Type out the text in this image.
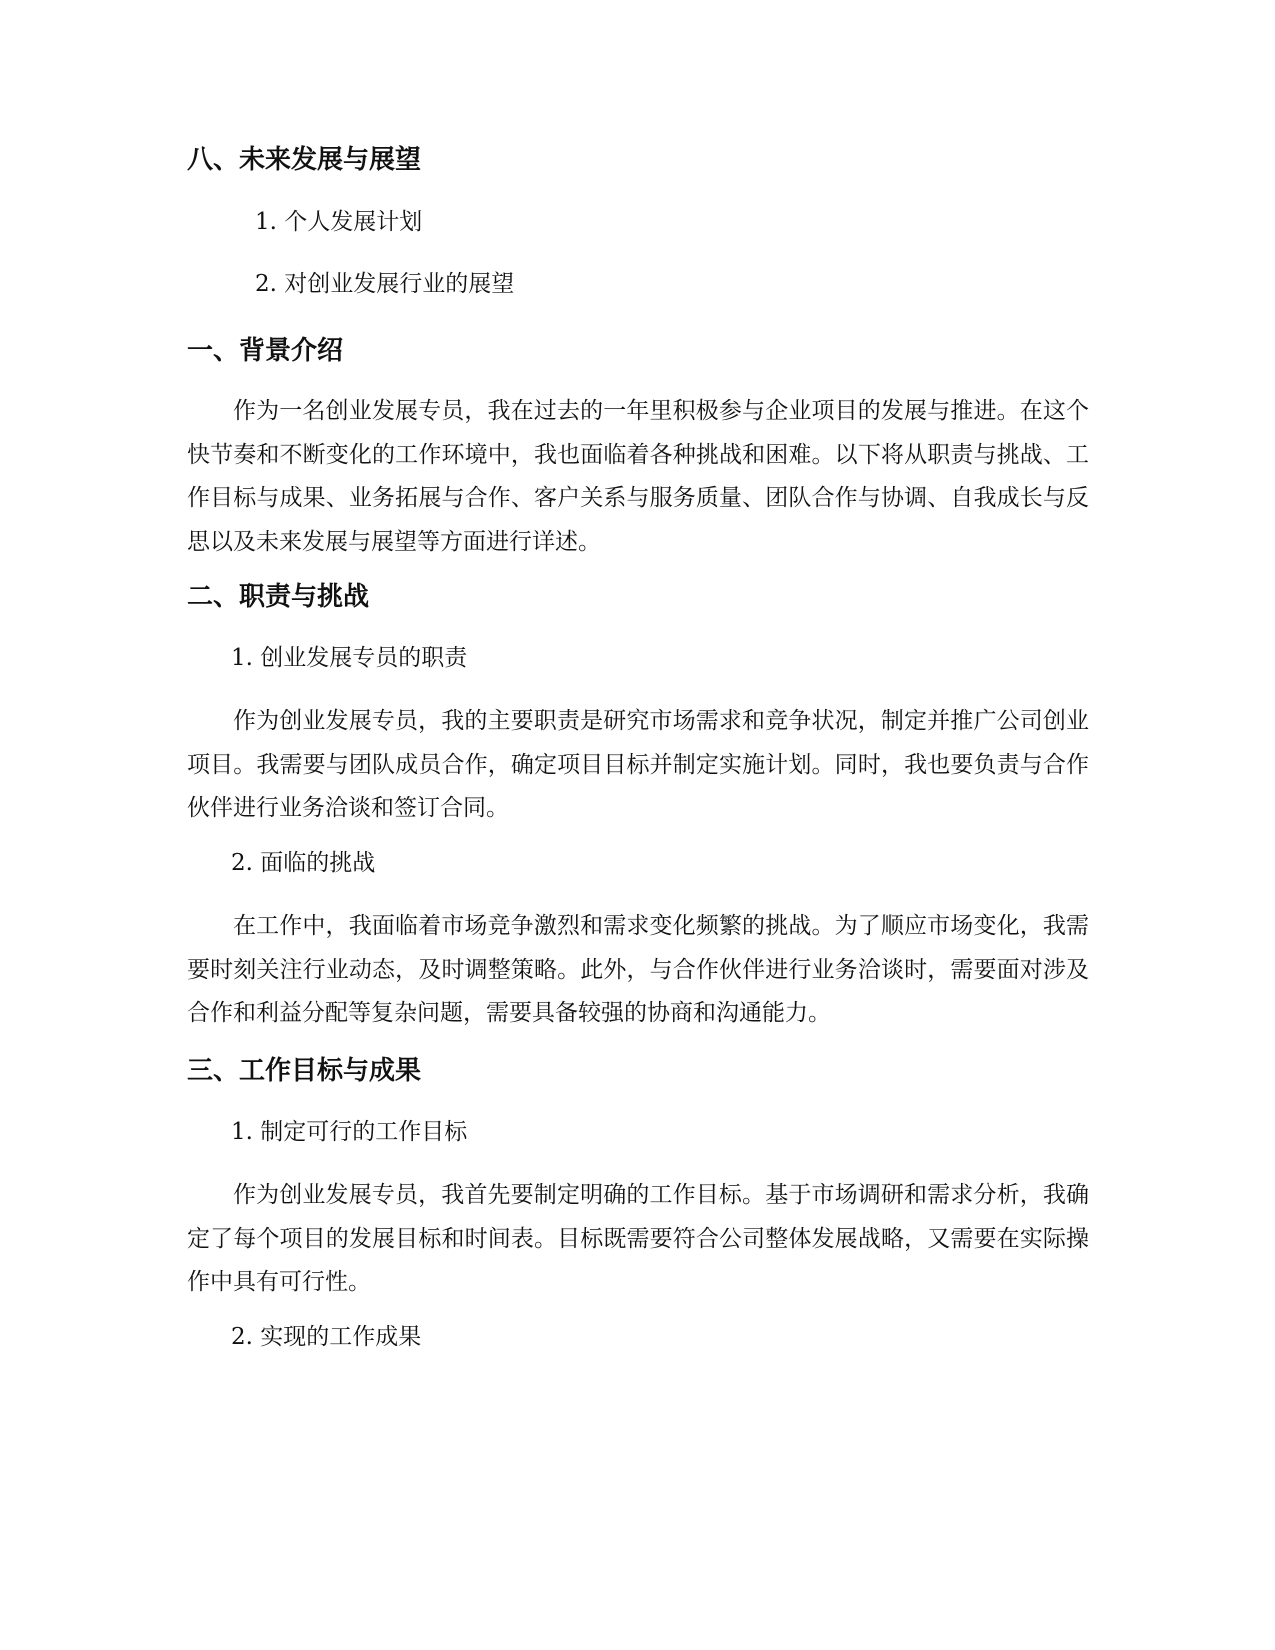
八、未来发展与展望
1. 个人发展计划
2. 对创业发展行业的展望
一、背景介绍

作为一名创业发展专员，我在过去的一年里积极参与企业项目的发展与推进。在这个快节奏和不断变化的工作环境中，我也面临着各种挑战和困难。以下将从职责与挑战、工作目标与成果、业务拓展与合作、客户关系与服务质量、团队合作与协调、自我成长与反思以及未来发展与展望等方面进行详述。

二、职责与挑战
1. 创业发展专员的职责

作为创业发展专员，我的主要职责是研究市场需求和竞争状况，制定并推广公司创业项目。我需要与团队成员合作，确定项目目标并制定实施计划。同时，我也要负责与合作伙伴进行业务洽谈和签订合同。

2. 面临的挑战

在工作中，我面临着市场竞争激烈和需求变化频繁的挑战。为了顺应市场变化，我需要时刻关注行业动态，及时调整策略。此外，与合作伙伴进行业务洽谈时，需要面对涉及合作和利益分配等复杂问题，需要具备较强的协商和沟通能力。

三、工作目标与成果
1. 制定可行的工作目标

作为创业发展专员，我首先要制定明确的工作目标。基于市场调研和需求分析，我确定了每个项目的发展目标和时间表。目标既需要符合公司整体发展战略，又需要在实际操作中具有可行性。

2. 实现的工作成果
